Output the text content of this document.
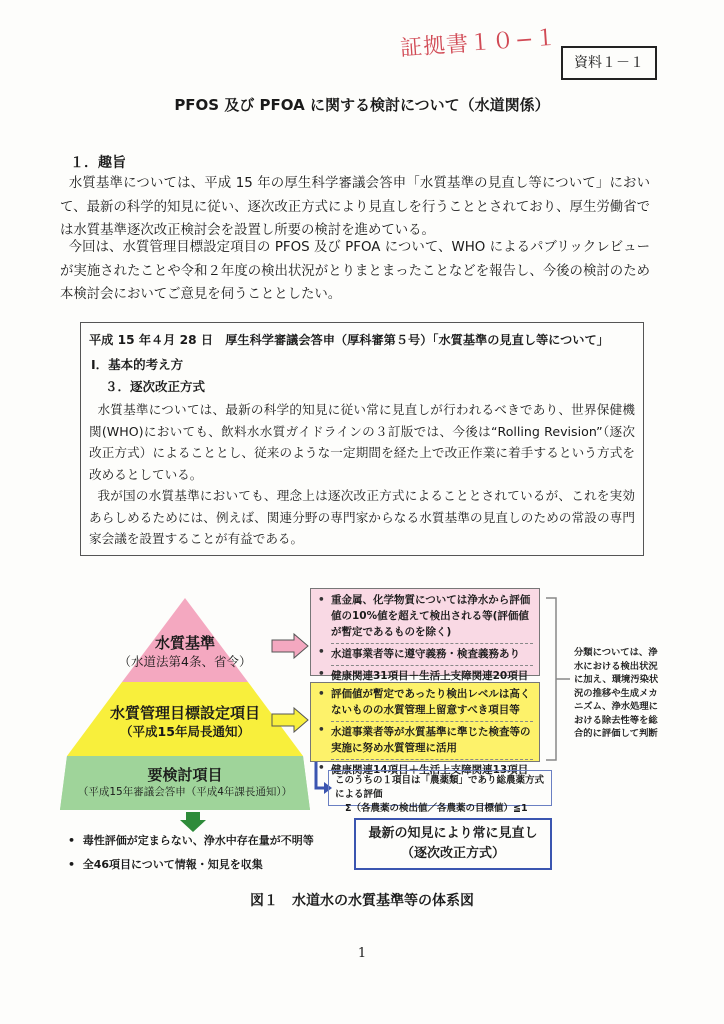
証拠書１０−１
資料１－１
PFOS 及び PFOA に関する検討について（水道関係）
１．趣旨
水質基準については、平成 15 年の厚生科学審議会答申「水質基準の見直し等について」において、最新の科学的知見に従い、逐次改正方式により見直しを行うこととされており、厚生労働省では水質基準逐次改正検討会を設置し所要の検討を進めている。
今回は、水質管理目標設定項目の PFOS 及び PFOA について、WHO によるパブリックレビューが実施されたことや令和２年度の検出状況がとりまとまったことなどを報告し、今後の検討のため本検討会においてご意見を伺うこととしたい。
平成 15 年４月 28 日　厚生科学審議会答申（厚科審第５号）「水質基準の見直し等について」
Ⅰ．基本的考え方
３．逐次改正方式
水質基準については、最新の科学的知見に従い常に見直しが行われるべきであり、世界保健機関(WHO)においても、飲料水水質ガイドラインの３訂版では、今後は“Rolling Revision”（逐次改正方式）によることとし、従来のような一定期間を経た上で改正作業に着手するという方式を改めるとしている。
我が国の水質基準においても、理念上は逐次改正方式によることとされているが、これを実効あらしめるためには、例えば、関連分野の専門家からなる水質基準の見直しのための常設の専門家会議を設置することが有益である。
水質基準
（水道法第4条、省令）
水質管理目標設定項目
（平成15年局長通知）
要検討項目
（平成15年審議会答申（平成4年課長通知））
• 重金属、化学物質については浄水から評価値の10%値を超えて検出される等(評価値が暫定であるものを除く)
• 水道事業者等に遵守義務・検査義務あり
• 健康関連31項目＋生活上支障関連20項目
• 評価値が暫定であったり検出レベルは高くないものの水質管理上留意すべき項目等
• 水道事業者等が水質基準に準じた検査等の実施に努め水質管理に活用
• 健康関連14項目＋生活上支障関連13項目
分類については、浄水における検出状況に加え、環境汚染状況の推移や生成メカニズム、浄水処理における除去性等を総合的に評価して判断
このうちの１項目は「農薬類」であり総農薬方式による評価
Σ（各農薬の検出値／各農薬の目標値）≦1
最新の知見により常に見直し
（逐次改正方式）
•  毒性評価が定まらない、浄水中存在量が不明等
•  全46項目について情報・知見を収集
図１　水道水の水質基準等の体系図
1
